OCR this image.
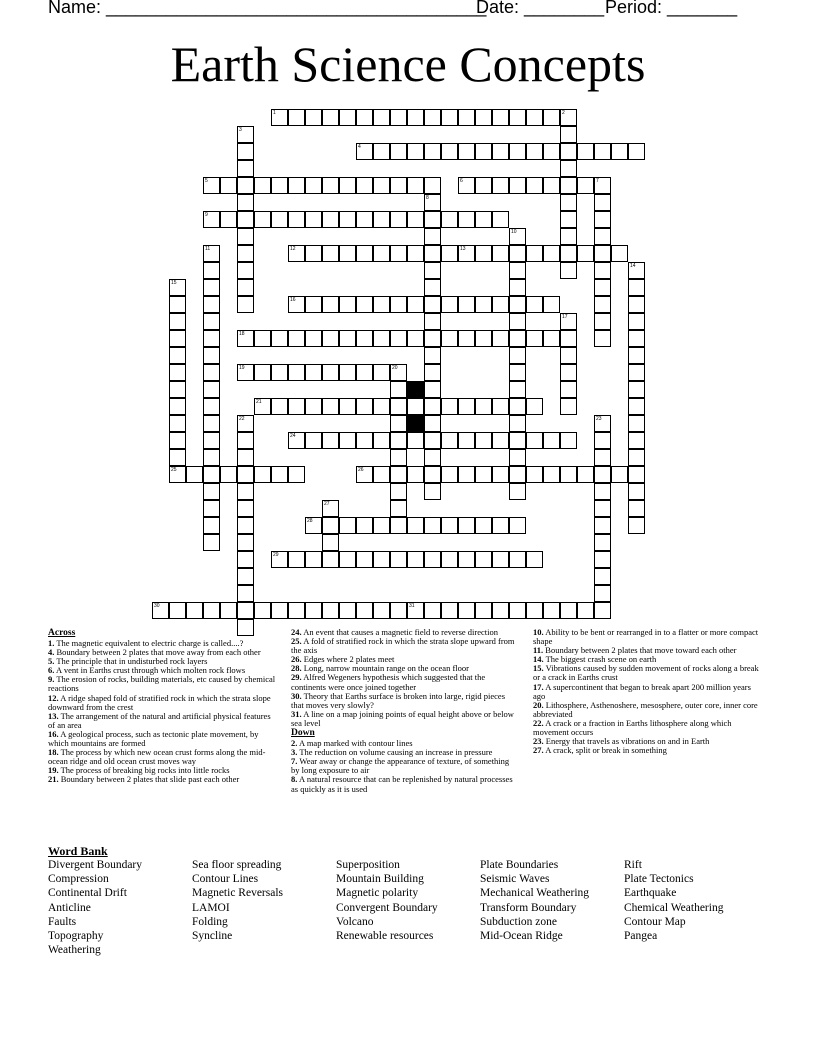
Name: ______________________________________
Date: ________ Period: _______
Earth Science Concepts
1
4
5	6	7
9
12	13
16
18
19	20
21
24
25	26
28
29
30	31
2
3
8
10
11
14
15
17
22	23
27
Across
1. The magnetic equivalent to electric charge is called....?
4. Boundary between 2 plates that move away from each other
5. The principle that in undisturbed rock layers
6. A vent in Earths crust through which molten rock flows
9. The erosion of rocks, building materials, etc caused by chemical reactions
12. A ridge shaped fold of stratified rock in which the strata slope downward from the crest
13. The arrangement of the natural and artificial physical features of an area
16. A geological process, such as tectonic plate movement, by which mountains are formed
18. The process by which new ocean crust forms along the mid-ocean ridge and old ocean crust moves way
19. The process of breaking big rocks into little rocks
21. Boundary between 2 plates that slide past each other
24. An event that causes a magnetic field to reverse direction
25. A fold of stratified rock in which the strata slope upward from the axis
26. Edges where 2 plates meet
28. Long, narrow mountain range on the ocean floor
29. Alfred Wegeners hypothesis which suggested that the continents were once joined together
30. Theory that Earths surface is broken into large, rigid pieces that moves very slowly?
31. A line on a map joining points of equal height above or below sea level
Down
2. A map marked with contour lines
3. The reduction on volume causing an increase in pressure
7. Wear away or change the appearance of texture, of something by long exposure to air
8. A natural resource that can be replenished by natural processes as quickly as it is used
10. Ability to be bent or rearranged in to a flatter or more compact shape
11. Boundary between 2 plates that move toward each other
14. The biggest crash scene on earth
15. Vibrations caused by sudden movement of rocks along a break or a crack in Earths crust
17. A supercontinent that began to break apart 200 million years ago
20. Lithosphere, Asthenoshere, mesosphere, outer core, inner core abbreviated
22. A crack or a fraction in Earths lithosphere along which movement occurs
23. Energy that travels as vibrations on and in Earth
27. A crack, split or break in something
Word Bank
Divergent Boundary
Compression
Continental Drift
Anticline
Faults
Topography
Weathering
Sea floor spreading
Contour Lines
Magnetic Reversals
LAMOI
Folding
Syncline
Superposition
Mountain Building
Magnetic polarity
Convergent Boundary
Volcano
Renewable resources
Plate Boundaries
Seismic Waves
Mechanical Weathering
Transform Boundary
Subduction zone
Mid-Ocean Ridge
Rift
Plate Tectonics
Earthquake
Chemical Weathering
Contour Map
Pangea
